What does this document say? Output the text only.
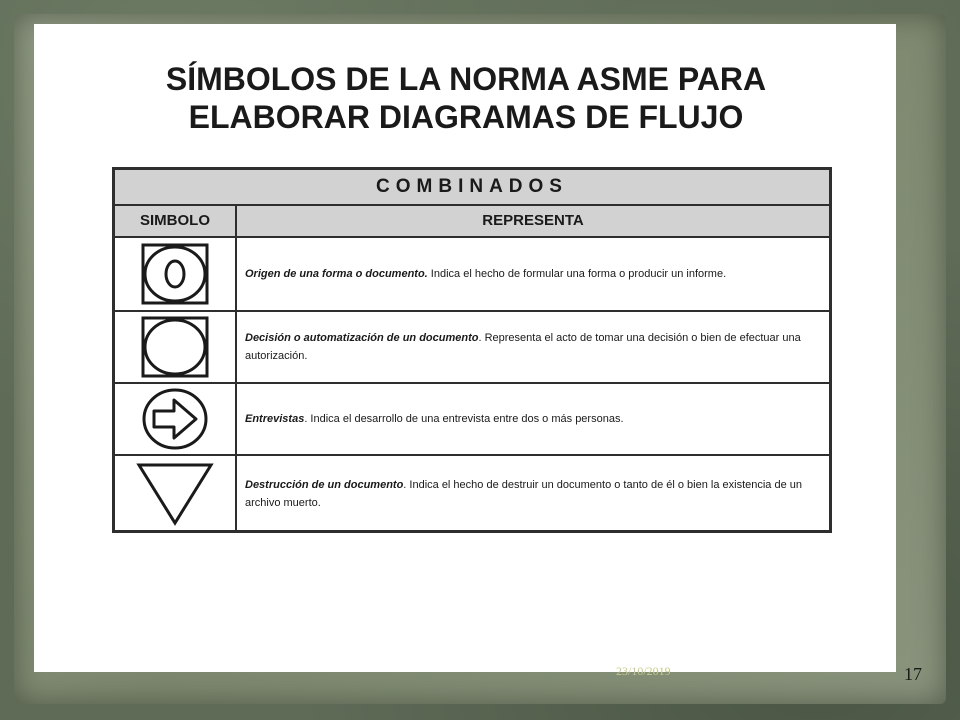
SÍMBOLOS DE LA NORMA ASME PARA
ELABORAR DIAGRAMAS DE FLUJO
COMBINADOS
SIMBOLO	REPRESENTA
Origen de una forma o documento. Indica el hecho de formular una forma o producir un informe.
Decisión o automatización de un documento. Representa el acto de tomar una decisión o bien de efectuar una autorización.
Entrevistas. Indica el desarrollo de una entrevista entre dos o más personas.
Destrucción de un documento. Indica el hecho de destruir un documento o tanto de él o bien la existencia de un archivo muerto.
23/10/2019	17
